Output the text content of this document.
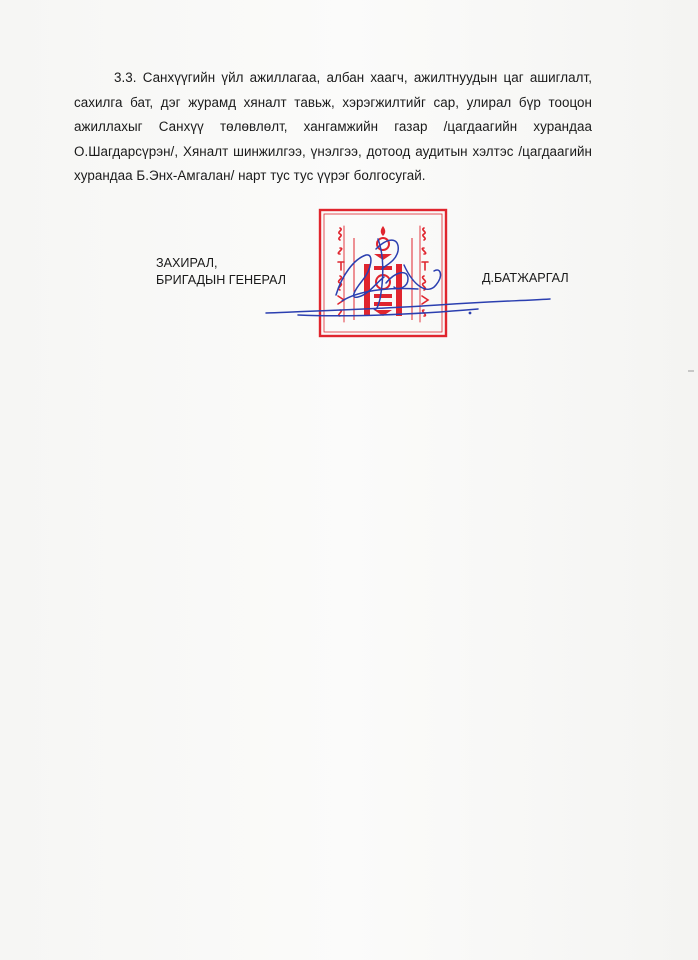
3.3. Санхүүгийн үйл ажиллагаа, албан хаагч, ажилтнуудын цаг ашиглалт, сахилга бат, дэг журамд хяналт тавьж, хэрэгжилтийг сар, улирал бүр тооцон ажиллахыг Санхүү төлөвлөлт, хангамжийн газар /цагдаагийн хурандаа О.Шагдарсүрэн/, Хяналт шинжилгээ, үнэлгээ, дотоод аудитын хэлтэс /цагдаагийн хурандаа Б.Энх-Амгалан/ нарт тус тус үүрэг болгосугай.
ЗАХИРАЛ,
БРИГАДЫН ГЕНЕРАЛ	Д.БАТЖАРГАЛ
